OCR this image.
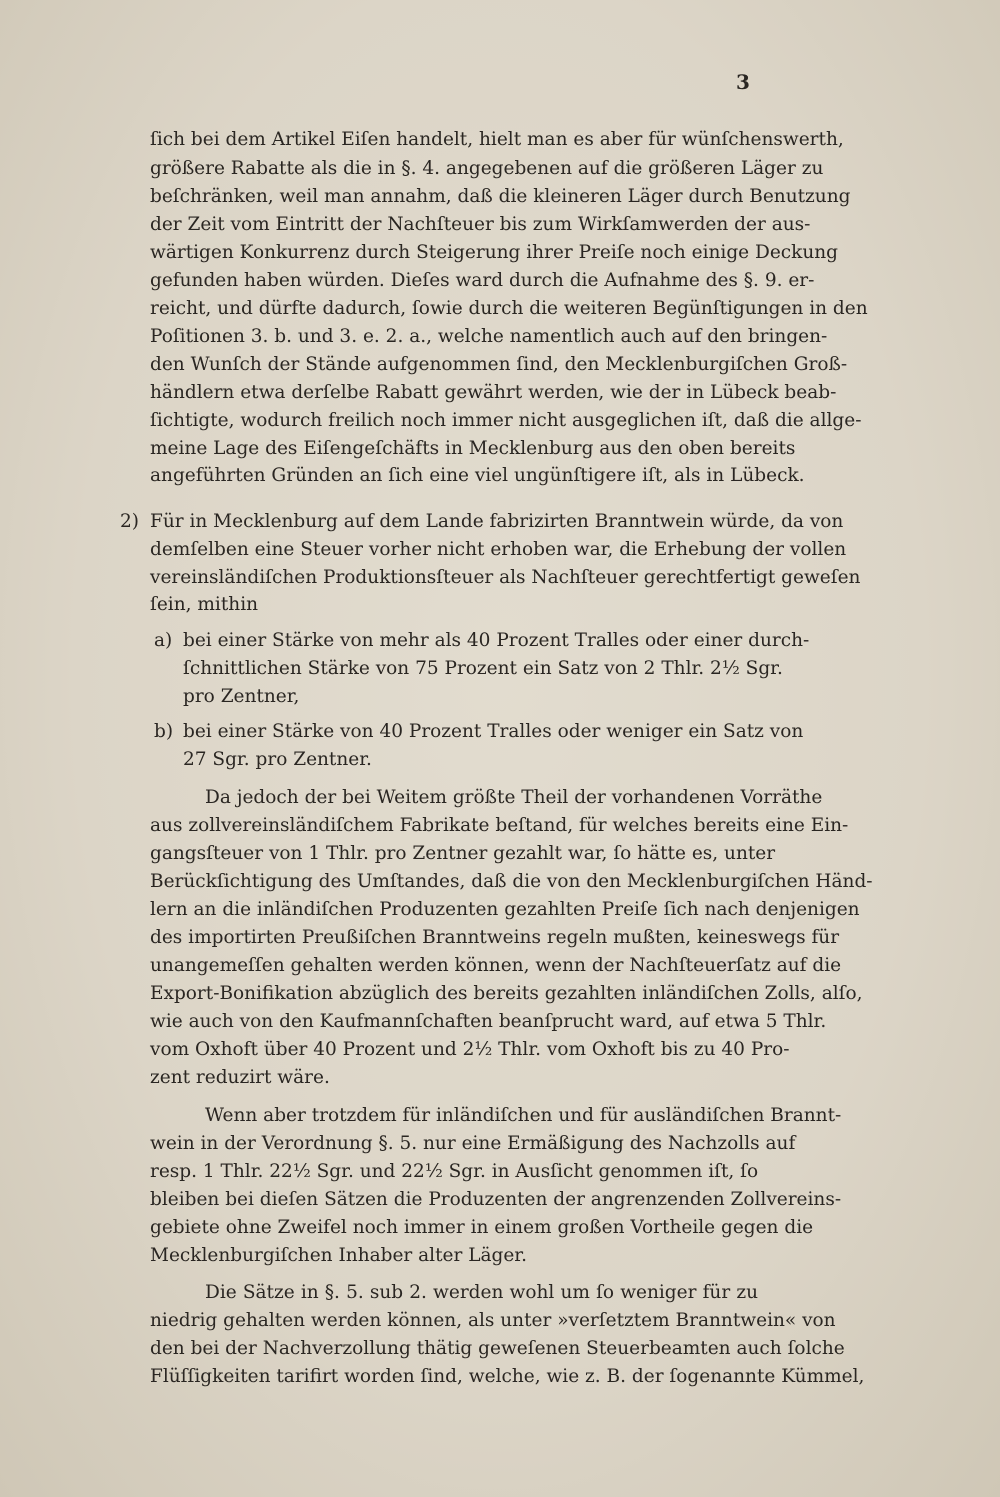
3
ſich bei dem Artikel Eiſen handelt, hielt man es aber für wünſchenswerth,
größere Rabatte als die in §. 4. angegebenen auf die größeren Läger zu
beſchränken, weil man annahm, daß die kleineren Läger durch Benutzung
der Zeit vom Eintritt der Nachſteuer bis zum Wirkſamwerden der aus-
wärtigen Konkurrenz durch Steigerung ihrer Preiſe noch einige Deckung
gefunden haben würden. Dieſes ward durch die Aufnahme des §. 9. er-
reicht, und dürfte dadurch, ſowie durch die weiteren Begünſtigungen in den
Poſitionen 3. b. und 3. e. 2. a., welche namentlich auch auf den bringen-
den Wunſch der Stände aufgenommen ſind, den Mecklenburgiſchen Groß-
händlern etwa derſelbe Rabatt gewährt werden, wie der in Lübeck beab-
ſichtigte, wodurch freilich noch immer nicht ausgeglichen iſt, daß die allge-
meine Lage des Eiſengeſchäfts in Mecklenburg aus den oben bereits
angeführten Gründen an ſich eine viel ungünſtigere iſt, als in Lübeck.
2) Für in Mecklenburg auf dem Lande fabrizirten Branntwein würde, da von
demſelben eine Steuer vorher nicht erhoben war, die Erhebung der vollen
vereinsländiſchen Produktionsſteuer als Nachſteuer gerechtfertigt geweſen
ſein, mithin
a) bei einer Stärke von mehr als 40 Prozent Tralles oder einer durch-
ſchnittlichen Stärke von 75 Prozent ein Satz von 2 Thlr. 2½ Sgr.
pro Zentner,
b) bei einer Stärke von 40 Prozent Tralles oder weniger ein Satz von
27 Sgr. pro Zentner.
Da jedoch der bei Weitem größte Theil der vorhandenen Vorräthe
aus zollvereinsländiſchem Fabrikate beſtand, für welches bereits eine Ein-
gangsſteuer von 1 Thlr. pro Zentner gezahlt war, ſo hätte es, unter
Berückſichtigung des Umſtandes, daß die von den Mecklenburgiſchen Händ-
lern an die inländiſchen Produzenten gezahlten Preiſe ſich nach denjenigen
des importirten Preußiſchen Branntweins regeln mußten, keineswegs für
unangemeſſen gehalten werden können, wenn der Nachſteuerſatz auf die
Export-Bonifikation abzüglich des bereits gezahlten inländiſchen Zolls, alſo,
wie auch von den Kaufmannſchaften beanſprucht ward, auf etwa 5 Thlr.
vom Oxhoft über 40 Prozent und 2½ Thlr. vom Oxhoft bis zu 40 Pro-
zent reduzirt wäre.
Wenn aber trotzdem für inländiſchen und für ausländiſchen Brannt-
wein in der Verordnung §. 5. nur eine Ermäßigung des Nachzolls auf
resp. 1 Thlr. 22½ Sgr. und 22½ Sgr. in Ausſicht genommen iſt, ſo
bleiben bei dieſen Sätzen die Produzenten der angrenzenden Zollvereins-
gebiete ohne Zweifel noch immer in einem großen Vortheile gegen die
Mecklenburgiſchen Inhaber alter Läger.
Die Sätze in §. 5. sub 2. werden wohl um ſo weniger für zu
niedrig gehalten werden können, als unter »verſetztem Branntwein« von
den bei der Nachverzollung thätig geweſenen Steuerbeamten auch ſolche
Flüſſigkeiten tarifirt worden ſind, welche, wie z. B. der ſogenannte Kümmel,
